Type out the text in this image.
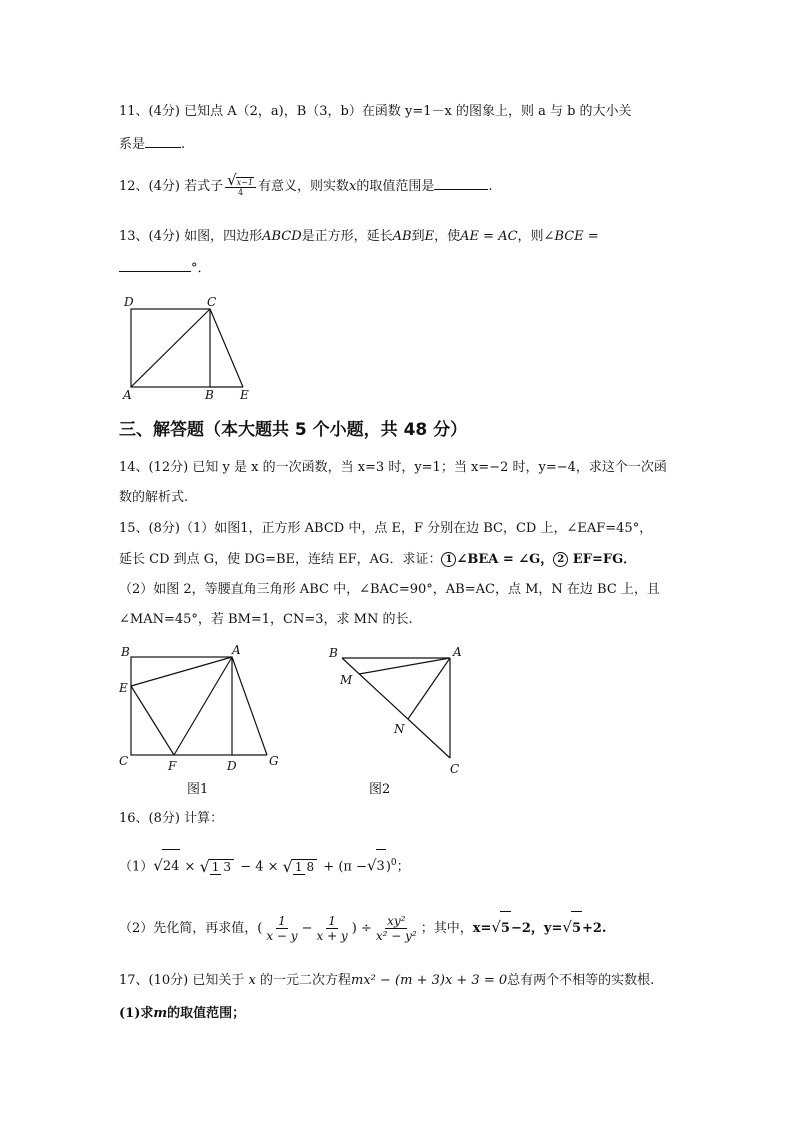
11、(4分) 已知点 A（2，a)，B（3，b）在函数 y=1－x 的图象上，则 a 与 b 的大小关
系是	.
12、(4分) 若式子 $\frac{√x-1}{4}$ 有意义，则实数x的取值范围是	.
13、(4分) 如图，四边形ABCD是正方形，延长AB到E，使AE = AC，则∠BCE =
°．
D	C
A	B E
三、解答题（本大题共 5 个小题，共 48 分）
14、(12分) 已知 y 是 x 的一次函数，当 x=3 时，y=1；当 x=−2 时，y=−4，求这个一次函
数的解析式.
15、(8分)（1）如图1，正方形 ABCD 中，点 E，F 分别在边 BC，CD 上，∠EAF=45°，
延长 CD 到点 G，使 DG=BE，连结 EF，AG．求证： 1 ∠BEA = ∠G， 2 EF=FG．
（2）如图 2，等腰直角三角形 ABC 中，∠BAC=90°，AB=AC，点 M，N 在边 BC 上，且
∠MAN=45°，若 BM=1，CN=3，求 MN 的长.
B	A
E
C	F	D	G
B	A
M
N
C
图1	图2
16、(8分) 计算：
（1）√24 × √ 1 3 − 4 × √ 1 $8 + (\pi -√3)^0$；
（2）先化简，再求值，( $\frac{1}{x - y} - \frac{1}{x + y}$ ) ÷ $\frac{\text{xy²}}{\text{x² − y²}}$ ；其中，x=√5−2，y=√5+2.
17、(10分) 已知关于 x 的一元二次方程mx² − (m + 3)x + 3 = 0总有两个不相等的实数根.
(1)求m的取值范围；
